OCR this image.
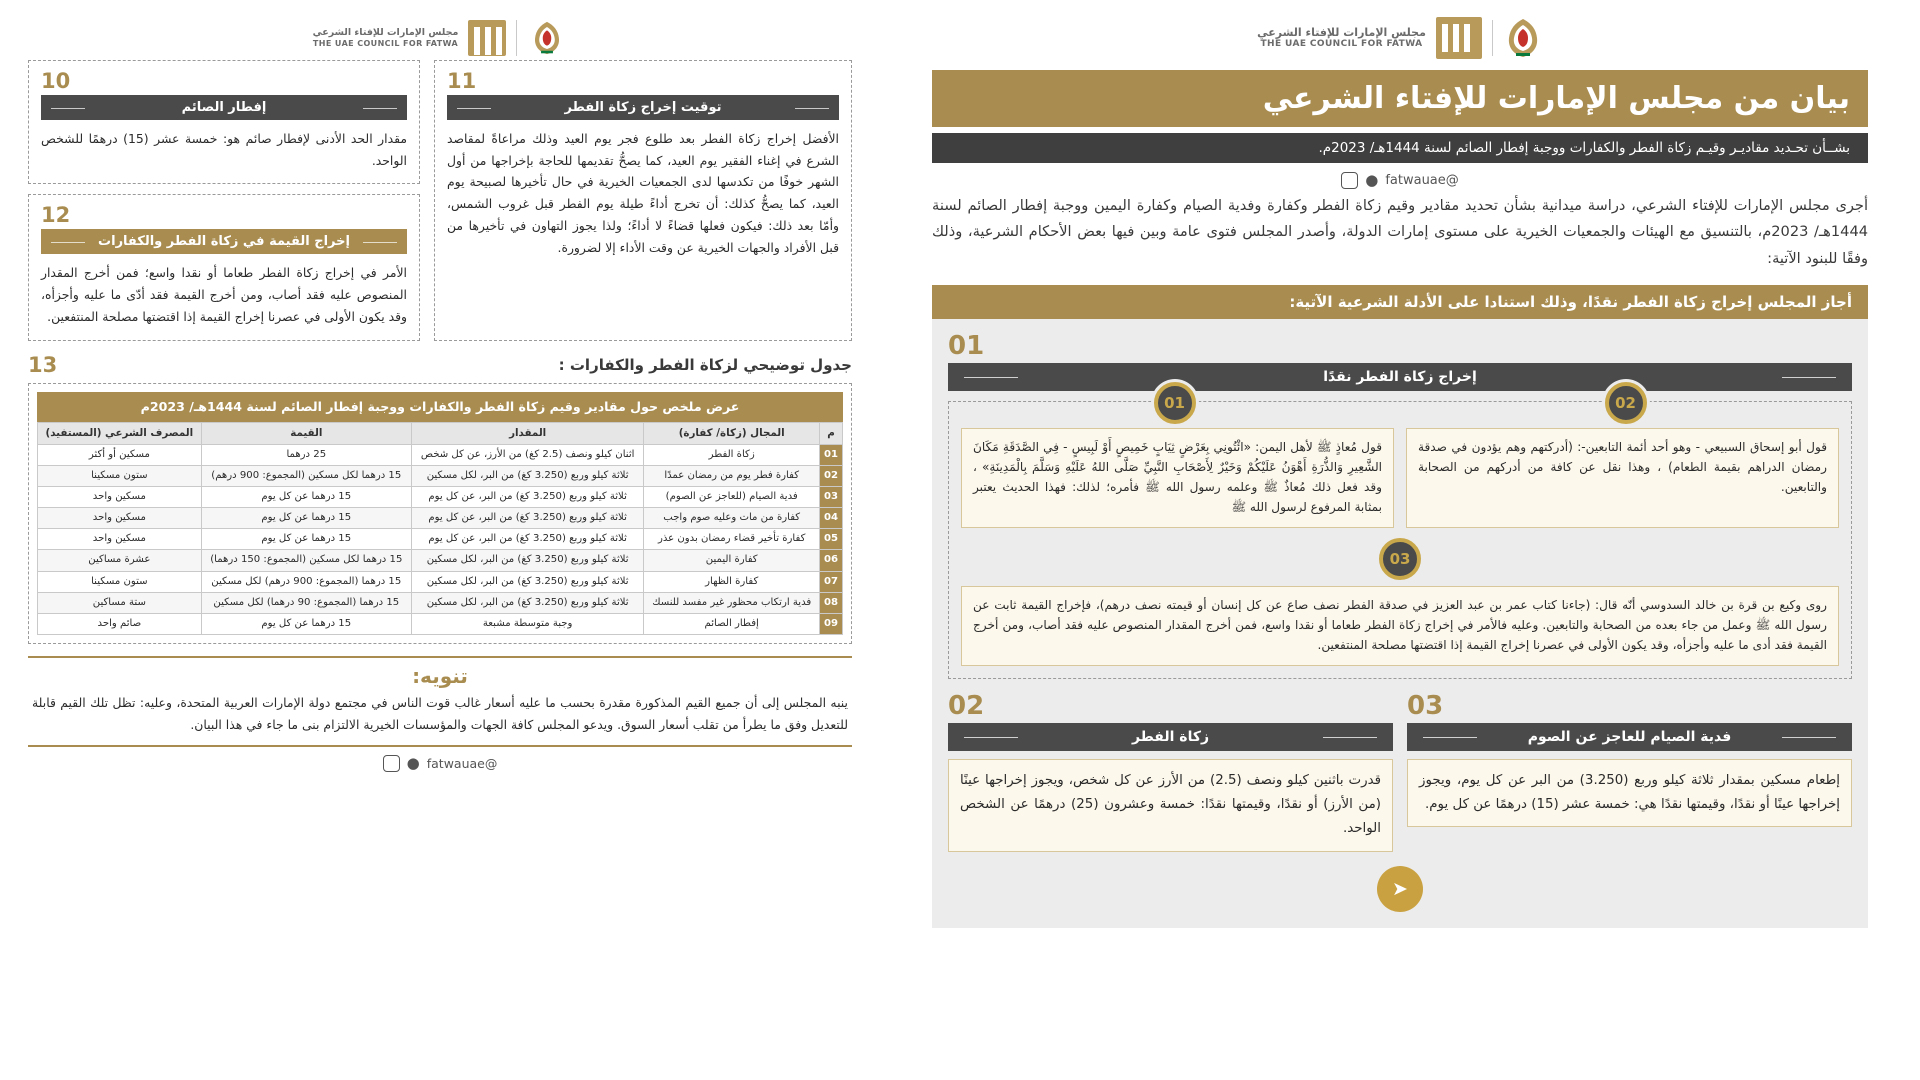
مجلس الإمارات للإفتاء الشرعي
THE UAE COUNCIL FOR FATWA
بيان من مجلس الإمارات للإفتاء الشرعي
بشــأن تحـديد مقاديـر وقيـم زكاة الفطر والكفارات ووجبة إفطار الصائم لسنة 1444هـ/ 2023م.
@fatwauae
●
أجرى مجلس الإمارات للإفتاء الشرعي، دراسة ميدانية بشأن تحديد مقادير وقيم زكاة الفطر وكفارة وفدية الصيام وكفارة اليمين ووجبة إفطار الصائم لسنة 1444هـ/ 2023م، بالتنسيق مع الهيئات والجمعيات الخيرية على مستوى إمارات الدولة، وأصدر المجلس فتوى عامة وبين فيها بعض الأحكام الشرعية، وذلك وفقًا للبنود الآتية:
أجاز المجلس إخراج زكاة الفطر نقدًا، وذلك استنادا على الأدلة الشرعية الآتية:
01
إخراج زكاة الفطر نقدًا
02
01
قول أبو إسحاق السبيعي - وهو أحد أئمة التابعين-: (أدركتهم وهم يؤدون في صدقة رمضان الدراهم بقيمة الطعام) ، وهذا نقل عن كافة من أدركهم من الصحابة والتابعين.
قول مُعاذٍ ﷺ لأهل اليمن: «ائْتُونِي بِعَرْضٍ ثِيَابٍ خَمِيصٍ أَوْ لَبِيسٍ - فِي الصَّدَقَةِ مَكَانَ الشَّعِيرِ وَالذُّرَةِ أَهْوَنُ عَلَيْكُمْ وَخَيْرٌ لِأَصْحَابِ النَّبِيِّ صَلَّى اللهُ عَلَيْهِ وَسَلَّمَ بِالْمَدِينَةِ» ، وقد فعل ذلك مُعاذٌ ﷺ وعلمه رسول الله ﷺ فأمره؛ لذلك: فهذا الحديث يعتبر بمثابة المرفوع لرسول الله ﷺ
03
روى وكيع بن قرة بن خالد السدوسي أنّه قال: (جاءنا كتاب عمر بن عبد العزيز في صدقة الفطر نصف صاع عن كل إنسان أو قيمته نصف درهم)، فإخراج القيمة ثابت عن رسول الله ﷺ وعمل من جاء بعده من الصحابة والتابعين. وعليه فالأمر في إخراج زكاة الفطر طعاما أو نقدا واسع، فمن أخرج المقدار المنصوص عليه فقد أصاب، ومن أخرج القيمة فقد أدى ما عليه وأجزأه، وقد يكون الأولى في عصرنا إخراج القيمة إذا اقتضتها مصلحة المنتفعين.
03
فدية الصيام للعاجز عن الصوم
إطعام مسكين بمقدار ثلاثة كيلو وربع (3.250) من البر عن كل يوم، ويجوز إخراجها عينًا أو نقدًا، وقيمتها نقدًا هي: خمسة عشر (15) درهمًا عن كل يوم.
02
زكاة الفطر
قدرت باثنين كيلو ونصف (2.5) من الأرز عن كل شخص، ويجوز إخراجها عينًا (من الأرز) أو نقدًا، وقيمتها نقدًا: خمسة وعشرون (25) درهمًا عن الشخص الواحد.
➤
مجلس الإمارات للإفتاء الشرعي
THE UAE COUNCIL FOR FATWA
11
توقيت إخراج زكاة الفطر
الأفضل إخراج زكاة الفطر بعد طلوع فجر يوم العيد وذلك مراعاةً لمقاصد الشرع في إغناء الفقير يوم العيد، كما يصحُّ تقديمها للحاجة بإخراجها من أول الشهر خوفًا من تكدسها لدى الجمعيات الخيرية في حال تأخيرها لصبيحة يوم العيد، كما يصحُّ كذلك: أن تخرج أداءً طيلة يوم الفطر قبل غروب الشمس، وأمّا بعد ذلك: فيكون فعلها قضاءً لا أداءً؛ ولذا يجوز التهاون في تأخيرها من قبل الأفراد والجهات الخيرية عن وقت الأداء إلا لضرورة.
10
إفطار الصائم
مقدار الحد الأدنى لإفطار صائم هو: خمسة عشر (15) درهمًا للشخص الواحد.
12
إخراج القيمة في زكاة الفطر والكفارات
الأمر في إخراج زكاة الفطر طعاما أو نقدا واسع؛ فمن أخرج المقدار المنصوص عليه فقد أصاب، ومن أخرج القيمة فقد أدّى ما عليه وأجزأه، وقد يكون الأولى في عصرنا إخراج القيمة إذا اقتضتها مصلحة المنتفعين.
جدول توضيحي لزكاة الفطر والكفارات :
13
عرض ملخص حول مقادير وقيم زكاة الفطر والكفارات ووجبة إفطار الصائم لسنة 1444هـ/ 2023م
م	المجال (زكاة/ كفارة)	المقدار	القيمة	المصرف الشرعي (المستفيد)
01	زكاة الفطر	اثنان كيلو ونصف (2.5 كغ) من الأرز، عن كل شخص	25 درهما	مسكين أو أكثر
02	كفارة فطر يوم من رمضان عمدًا	ثلاثة كيلو وربع (3.250 كغ) من البر، لكل مسكين	15 درهما لكل مسكين (المجموع: 900 درهم)	ستون مسكينا
03	فدية الصيام (للعاجز عن الصوم)	ثلاثة كيلو وربع (3.250 كغ) من البر، عن كل يوم	15 درهما عن كل يوم	مسكين واحد
04	كفارة من مات وعليه صوم واجب	ثلاثة كيلو وربع (3.250 كغ) من البر، عن كل يوم	15 درهما عن كل يوم	مسكين واحد
05	كفارة تأخير قضاء رمضان بدون عذر	ثلاثة كيلو وربع (3.250 كغ) من البر، عن كل يوم	15 درهما عن كل يوم	مسكين واحد
06	كفارة اليمين	ثلاثة كيلو وربع (3.250 كغ) من البر، لكل مسكين	15 درهما لكل مسكين (المجموع: 150 درهما)	عشرة مساكين
07	كفارة الظهار	ثلاثة كيلو وربع (3.250 كغ) من البر، لكل مسكين	15 درهما (المجموع: 900 درهم) لكل مسكين	ستون مسكينا
08	فدية ارتكاب محظور غير مفسد للنسك	ثلاثة كيلو وربع (3.250 كغ) من البر، لكل مسكين	15 درهما (المجموع: 90 درهما) لكل مسكين	ستة مساكين
09	إفطار الصائم	وجبة متوسطة مشبعة	15 درهما عن كل يوم	صائم واحد
تنويه:
ينبه المجلس إلى أن جميع القيم المذكورة مقدرة بحسب ما عليه أسعار غالب قوت الناس في مجتمع دولة الإمارات العربية المتحدة، وعليه: تظل تلك القيم قابلة للتعديل وفق ما يطرأ من تقلب أسعار السوق. ويدعو المجلس كافة الجهات والمؤسسات الخيرية الالتزام بنى ما جاء في هذا البيان.
@fatwauae
●
